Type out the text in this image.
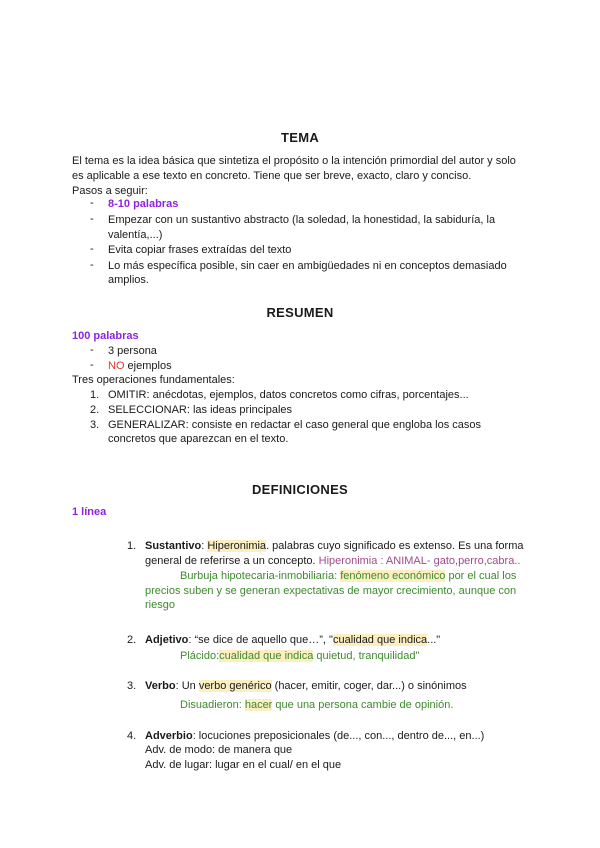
TEMA
El tema es la idea básica que sintetiza el propósito o la intención primordial del autor y solo
es aplicable a ese texto en concreto. Tiene que ser breve, exacto, claro y conciso.
Pasos a seguir:
- 8-10 palabras
- Empezar con un sustantivo abstracto (la soledad, la honestidad, la sabiduría, la
valentía,...)
- Evita copiar frases extraídas del texto
- Lo más específica posible, sin caer en ambigüedades ni en conceptos demasiado
amplios.
RESUMEN
100 palabras
- 3 persona
- NO ejemplos
Tres operaciones fundamentales:
1. OMITIR: anécdotas, ejemplos, datos concretos como cifras, porcentajes...
2. SELECCIONAR: las ideas principales
3. GENERALIZAR: consiste en redactar el caso general que engloba los casos
concretos que aparezcan en el texto.
DEFINICIONES
1 línea
1. Sustantivo: Hiperonimia. palabras cuyo significado es extenso. Es una forma
general de referirse a un concepto. Hiperonimia : ANIMAL- gato,perro,cabra..
Burbuja hipotecaria-inmobiliaria: fenómeno económico por el cual los
precios suben y se generan expectativas de mayor crecimiento, aunque con
riesgo
2. Adjetivo: “se dice de aquello que…”, "cualidad que indica..."
Plácido:cualidad que indica quietud, tranquilidad"
3. Verbo: Un verbo genérico (hacer, emitir, coger, dar...) o sinónimos
Disuadieron: hacer que una persona cambie de opinión.
4. Adverbio: locuciones preposicionales (de..., con..., dentro de..., en...)
Adv. de modo: de manera que
Adv. de lugar: lugar en el cual/ en el que
